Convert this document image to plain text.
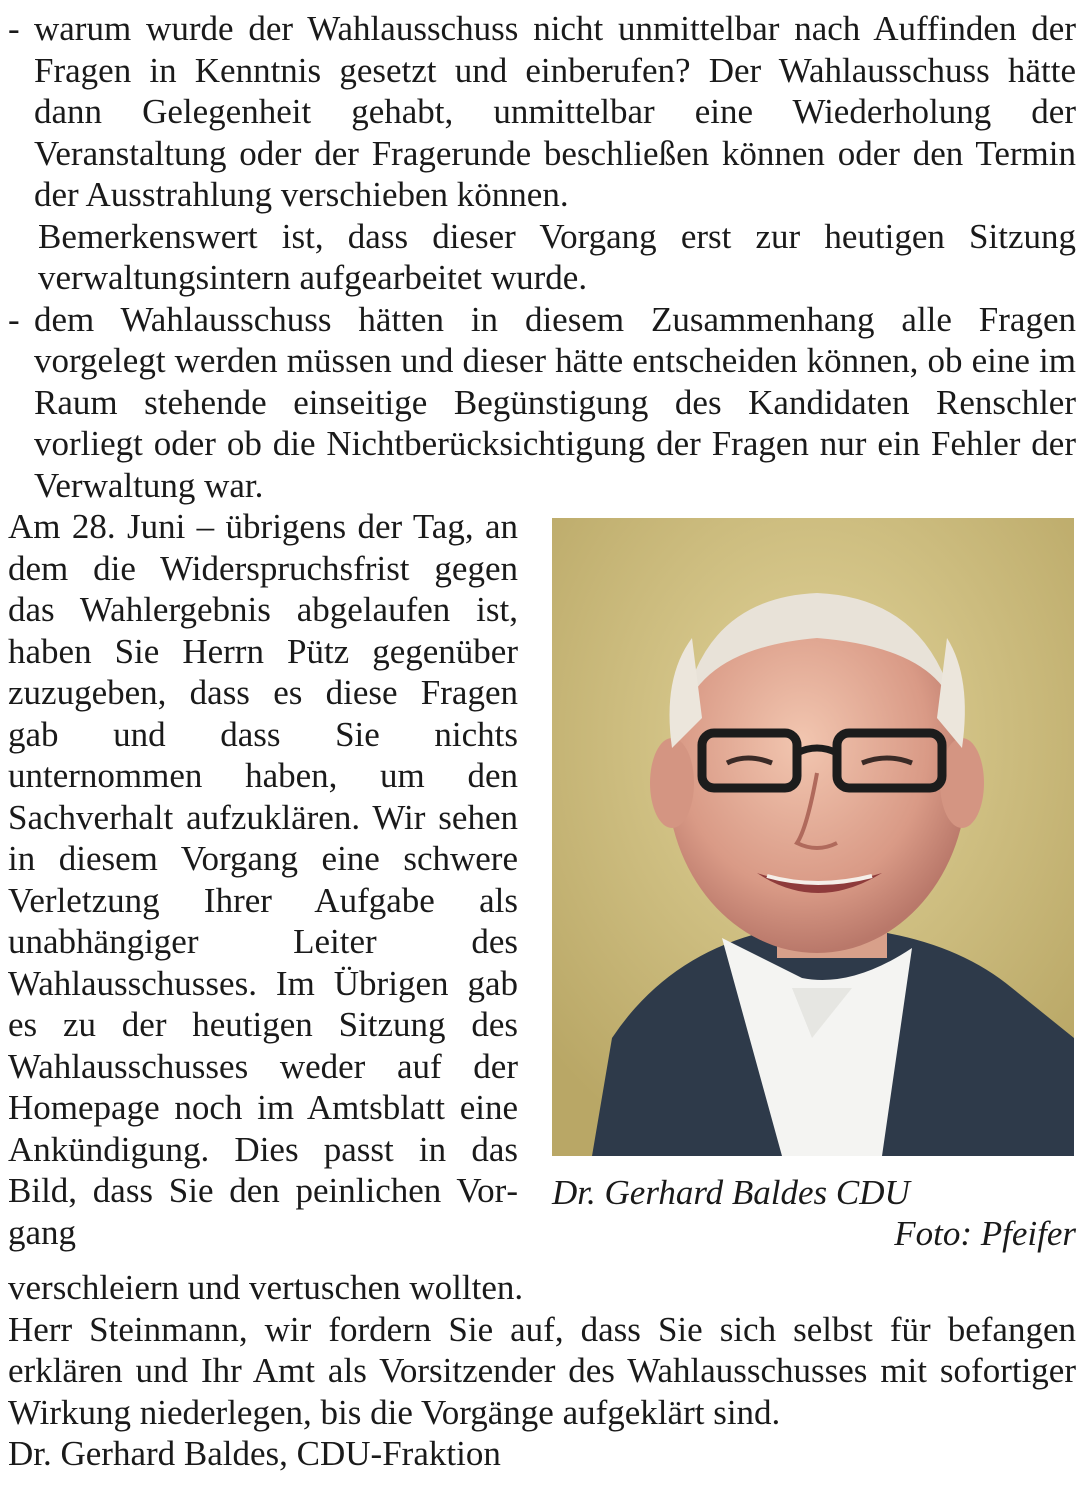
- warum wurde der Wahlausschuss nicht unmittelbar nach Auffinden der Fragen in Kenntnis gesetzt und einberufen? Der Wahlausschuss hätte dann Gelegenheit gehabt, unmittelbar eine Wiederholung der Veranstaltung oder der Fragerunde beschließen können oder den Termin der Ausstrahlung verschieben können.

Bemerkenswert ist, dass dieser Vorgang erst zur heutigen Sitzung verwaltungsintern aufgearbeitet wurde.

- dem Wahlausschuss hätten in diesem Zusammenhang alle Fragen vorgelegt werden müssen und dieser hätte entscheiden können, ob eine im Raum stehende einseitige Begünstigung des Kandidaten Renschler vorliegt oder ob die Nichtberücksichtigung der Fragen nur ein Fehler der Verwaltung war.

Am 28. Juni – übrigens der Tag, an dem die Widerspruchsfrist gegen das Wahlergebnis abgelaufen ist, haben Sie Herrn Pütz gegenüber zuzugeben, dass es diese Fragen gab und dass Sie nichts unternommen haben, um den Sachverhalt aufzuklären. Wir sehen in diesem Vorgang eine schwere Verletzung Ihrer Aufgabe als unabhängiger Leiter des Wahlausschusses. Im Übrigen gab es zu der heutigen Sitzung des Wahlausschusses weder auf der Homepage noch im Amtsblatt eine Ankündigung. Dies passt in das Bild, dass Sie den peinlichen Vorgang
Dr. Gerhard Baldes CDU
Foto: Pfeifer

verschleiern und vertuschen wollten.

Herr Steinmann, wir fordern Sie auf, dass Sie sich selbst für befangen erklären und Ihr Amt als Vorsitzender des Wahlausschusses mit sofortiger Wirkung niederlegen, bis die Vorgänge aufgeklärt sind.

Dr. Gerhard Baldes, CDU-Fraktion
